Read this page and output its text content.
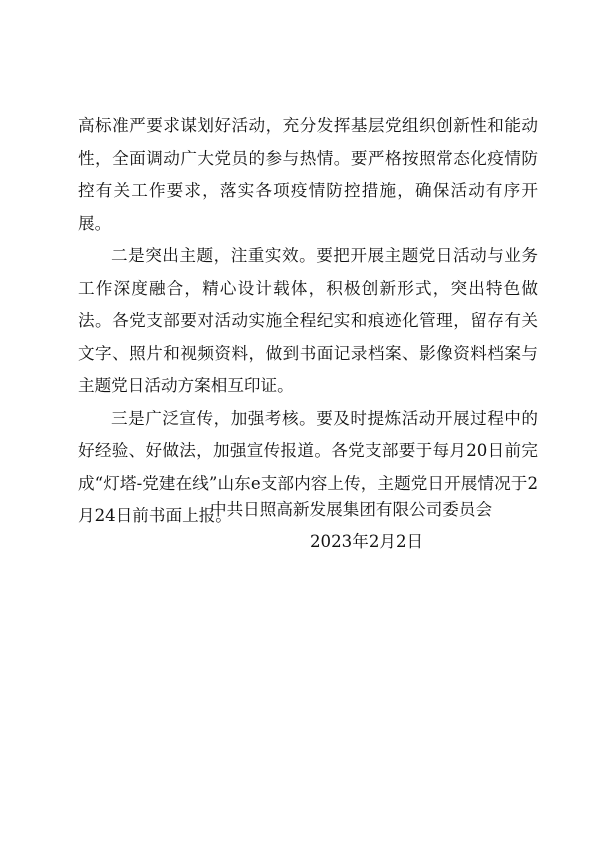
高标准严要求谋划好活动，充分发挥基层党组织创新性和能动性，全面调动广大党员的参与热情。要严格按照常态化疫情防控有关工作要求，落实各项疫情防控措施，确保活动有序开展。

二是突出主题，注重实效。要把开展主题党日活动与业务工作深度融合，精心设计载体，积极创新形式，突出特色做法。各党支部要对活动实施全程纪实和痕迹化管理，留存有关文字、照片和视频资料，做到书面记录档案、影像资料档案与主题党日活动方案相互印证。

三是广泛宣传，加强考核。要及时提炼活动开展过程中的好经验、好做法，加强宣传报道。各党支部要于每月20日前完成“灯塔-党建在线”山东e支部内容上传，主题党日开展情况于2月24日前书面上报。

中共日照高新发展集团有限公司委员会
2023年2月2日
